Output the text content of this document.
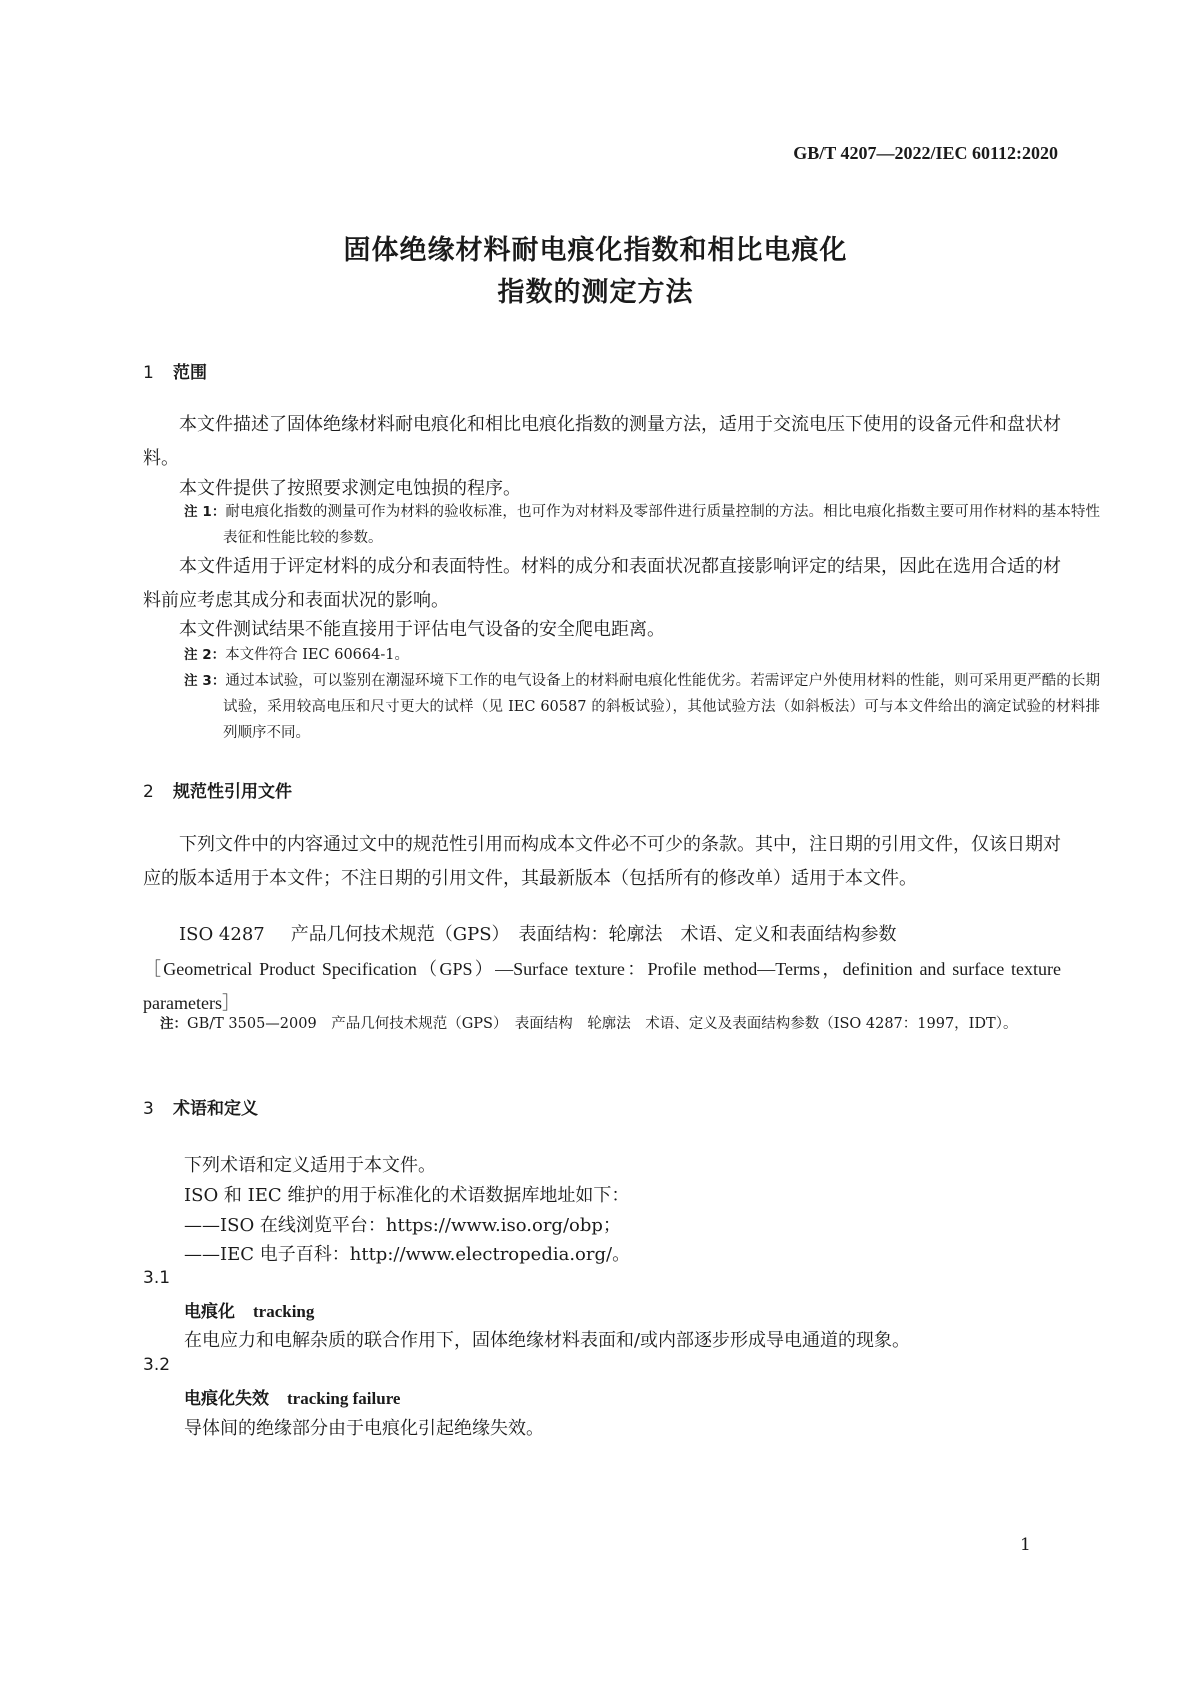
GB/T 4207—2022/IEC 60112:2020
固体绝缘材料耐电痕化指数和相比电痕化
指数的测定方法
1 范围
本文件描述了固体绝缘材料耐电痕化和相比电痕化指数的测量方法，适用于交流电压下使用的设备元件和盘状材料。
本文件提供了按照要求测定电蚀损的程序。
注 1：耐电痕化指数的测量可作为材料的验收标准，也可作为对材料及零部件进行质量控制的方法。相比电痕化指数主要可用作材料的基本特性表征和性能比较的参数。
本文件适用于评定材料的成分和表面特性。材料的成分和表面状况都直接影响评定的结果，因此在选用合适的材料前应考虑其成分和表面状况的影响。
本文件测试结果不能直接用于评估电气设备的安全爬电距离。
注 2：本文件符合 IEC 60664-1。
注 3：通过本试验，可以鉴别在潮湿环境下工作的电气设备上的材料耐电痕化性能优劣。若需评定户外使用材料的性能，则可采用更严酷的长期试验，采用较高电压和尺寸更大的试样（见 IEC 60587 的斜板试验），其他试验方法（如斜板法）可与本文件给出的滴定试验的材料排列顺序不同。
2 规范性引用文件
下列文件中的内容通过文中的规范性引用而构成本文件必不可少的条款。其中，注日期的引用文件，仅该日期对应的版本适用于本文件；不注日期的引用文件，其最新版本（包括所有的修改单）适用于本文件。
ISO 4287 产品几何技术规范（GPS）　表面结构：轮廓法　术语、定义和表面结构参数
［Geometrical Product Specification（GPS）—Surface texture：Profile method—Terms，definition and surface texture parameters］
注：GB/T 3505—2009　产品几何技术规范（GPS）　表面结构　轮廓法　术语、定义及表面结构参数（ISO 4287：1997，IDT）。
3 术语和定义
下列术语和定义适用于本文件。
ISO 和 IEC 维护的用于标准化的术语数据库地址如下：
——ISO 在线浏览平台：https://www.iso.org/obp；
——IEC 电子百科：http://www.electropedia.org/。
3.1
电痕化 tracking
在电应力和电解杂质的联合作用下，固体绝缘材料表面和/或内部逐步形成导电通道的现象。
3.2
电痕化失效 tracking failure
导体间的绝缘部分由于电痕化引起绝缘失效。
1
